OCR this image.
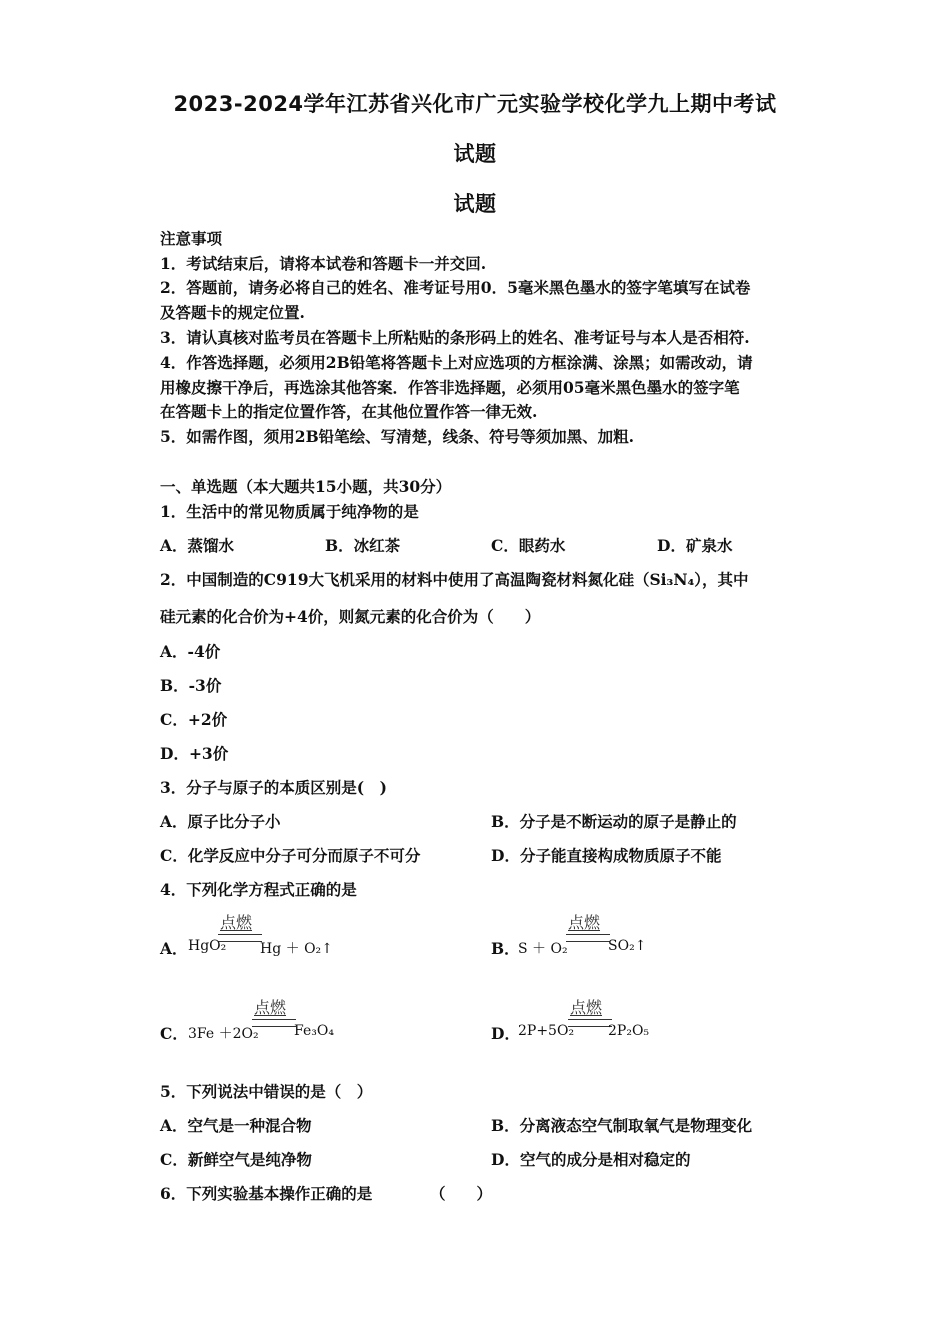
2023-2024学年江苏省兴化市广元实验学校化学九上期中考试
试题
试题
注意事项
1．考试结束后，请将本试卷和答题卡一并交回.
2．答题前，请务必将自己的姓名、准考证号用0．5毫米黑色墨水的签字笔填写在试卷
及答题卡的规定位置.
3．请认真核对监考员在答题卡上所粘贴的条形码上的姓名、准考证号与本人是否相符.
4．作答选择题，必须用2B铅笔将答题卡上对应选项的方框涂满、涂黑；如需改动，请
用橡皮擦干净后，再选涂其他答案．作答非选择题，必须用05毫米黑色墨水的签字笔
在答题卡上的指定位置作答，在其他位置作答一律无效.
5．如需作图，须用2B铅笔绘、写清楚，线条、符号等须加黑、加粗.
一、单选题（本大题共15小题，共30分）
1．生活中的常见物质属于纯净物的是
A．蒸馏水	B．冰红茶	C．眼药水	D．矿泉水
2．中国制造的C919大飞机采用的材料中使用了高温陶瓷材料氮化硅（Si₃N₄），其中
硅元素的化合价为+4价，则氮元素的化合价为（　　）
A．-4价
B．-3价
C．+2价
D．+3价
3．分子与原子的本质区别是(　)
A．原子比分子小	B．分子是不断运动的原子是静止的
C．化学反应中分子可分而原子不可分	D．分子能直接构成物质原子不能
4．下列化学方程式正确的是
点燃
A． HgO₂ Hg ＋ O₂↑
点燃
B．
S ＋ O₂	SO₂↑
点燃
C． 3Fe ＋2O₂	Fe₃O₄
点燃
D．
2P+5O₂ 2P₂O₅
5．下列说法中错误的是（　）
A．空气是一种混合物	B．分离液态空气制取氧气是物理变化
C．新鲜空气是纯净物	D．空气的成分是相对稳定的
6．下列实验基本操作正确的是	（　　）
